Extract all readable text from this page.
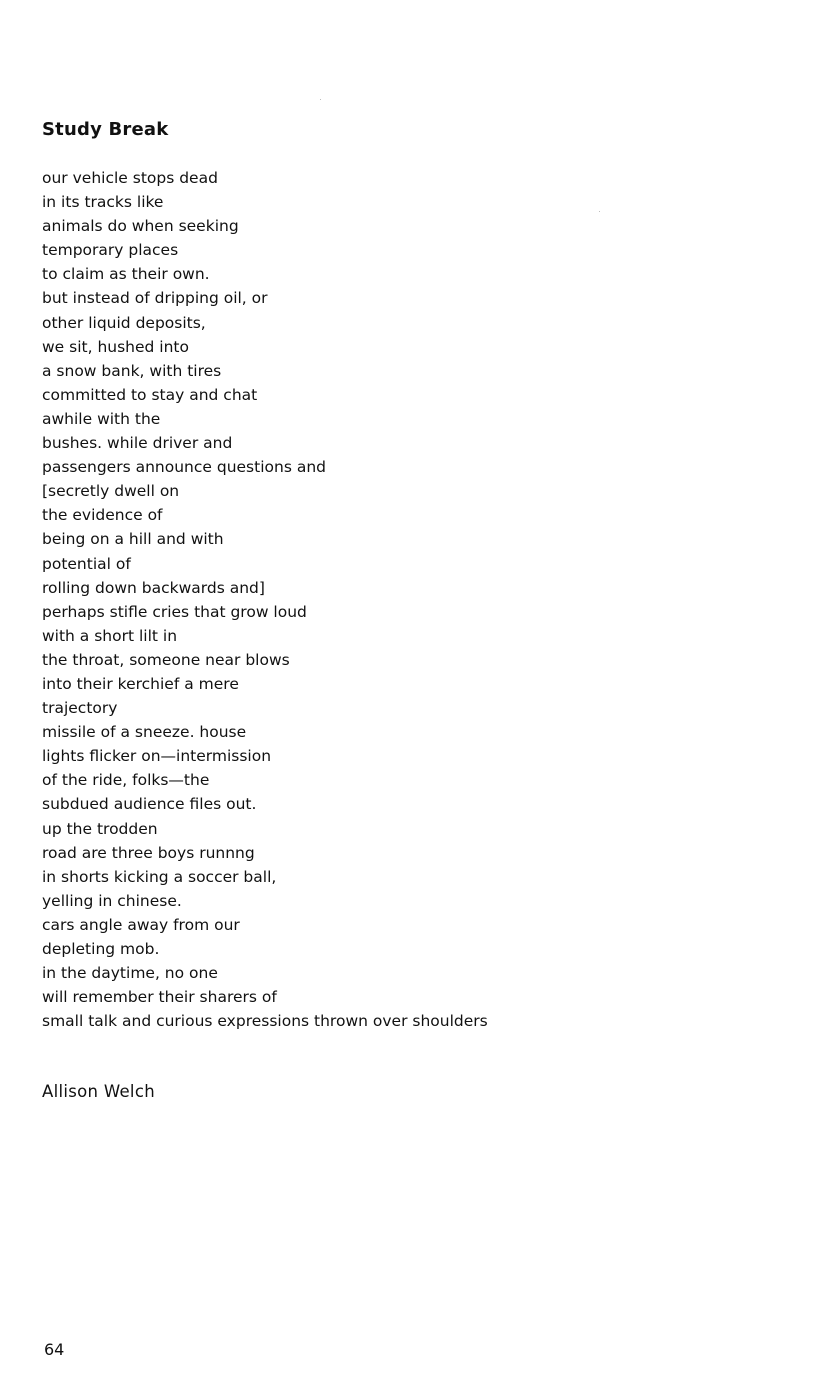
Study Break
our vehicle stops dead
in its tracks like
animals do when seeking
temporary places
to claim as their own.
but instead of dripping oil, or
other liquid deposits,
we sit, hushed into
a snow bank, with tires
committed to stay and chat
awhile with the
bushes. while driver and
passengers announce questions and
[secretly dwell on
the evidence of
being on a hill and with
potential of
rolling down backwards and]
perhaps stifle cries that grow loud
with a short lilt in
the throat, someone near blows
into their kerchief a mere
trajectory
missile of a sneeze. house
lights flicker on—intermission
of the ride, folks—the
subdued audience files out.
up the trodden
road are three boys runnng
in shorts kicking a soccer ball,
yelling in chinese.
cars angle away from our
depleting mob.
in the daytime, no one
will remember their sharers of
small talk and curious expressions thrown over shoulders

Allison Welch

64
